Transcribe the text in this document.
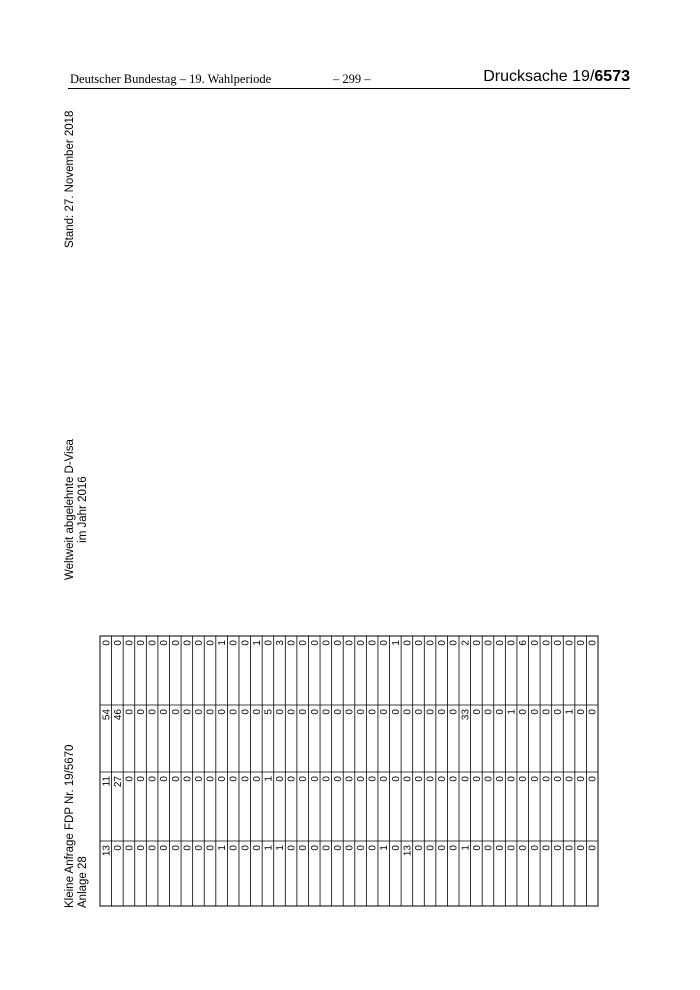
Deutscher Bundestag – 19. Wahlperiode	– 299 –	Drucksache 19/6573
Kleine Anfrage FDP Nr. 19/5670 Anlage 28
Weltweit abgelehnte D-Visa im Jahr 2016
Stand: 27. November 2018
13 0 0 0 0 0 0 0 0 0 1 0 0 0 1 1 0 0 0 0 0 0 0 0 1 0 13 0 0 0 0 1 0 0 0 0 0 0 0 0 0 0 0
11 27 0 0 0 0 0 0 0 0 0 0 0 0 1 0 0 0 0 0 0 0 0 0 0 0 0 0 0 0 0 0 0 0 0 0 0 0 0 0 0 0 0
54 46 0 0 0 0 0 0 0 0 0 0 0 0 5 0 0 0 0 0 0 0 0 0 0 0 0 0 0 0 0 33 0 0 0 1 0 0 0 0 1 0 0
0 0 0 0 0 0 0 0 0 0 1 0 0 1 0 3 0 0 0 0 0 0 0 0 0 1 0 0 0 0 0 2 0 0 0 0 6 0 0 0 0 0 0
